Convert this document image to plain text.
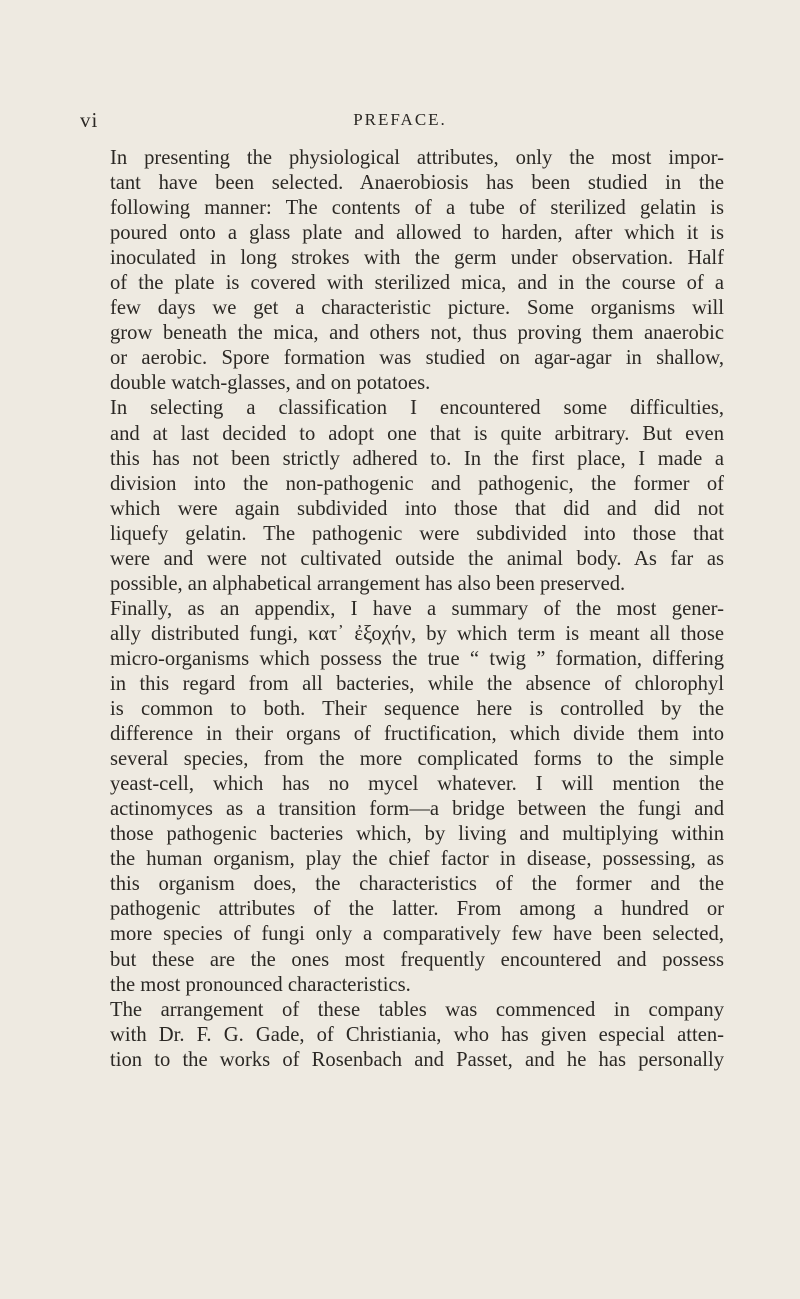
vi	PREFACE.

In presenting the physiological attributes, only the most impor-
tant have been selected. Anaerobiosis has been studied in the
following manner: The contents of a tube of sterilized gelatin is
poured onto a glass plate and allowed to harden, after which it is
inoculated in long strokes with the germ under observation. Half
of the plate is covered with sterilized mica, and in the course of a
few days we get a characteristic picture. Some organisms will
grow beneath the mica, and others not, thus proving them anaerobic
or aerobic. Spore formation was studied on agar-agar in shallow,
double watch-glasses, and on potatoes.

In selecting a classification I encountered some difficulties,
and at last decided to adopt one that is quite arbitrary. But even
this has not been strictly adhered to. In the first place, I made a
division into the non-pathogenic and pathogenic, the former of
which were again subdivided into those that did and did not
liquefy gelatin. The pathogenic were subdivided into those that
were and were not cultivated outside the animal body. As far as
possible, an alphabetical arrangement has also been preserved.

Finally, as an appendix, I have a summary of the most gener-
ally distributed fungi, κατ᾽ ἐξοχήν, by which term is meant all those
micro-organisms which possess the true “ twig ” formation, differing
in this regard from all bacteries, while the absence of chlorophyl
is common to both. Their sequence here is controlled by the
difference in their organs of fructification, which divide them into
several species, from the more complicated forms to the simple
yeast-cell, which has no mycel whatever. I will mention the
actinomyces as a transition form—a bridge between the fungi and
those pathogenic bacteries which, by living and multiplying within
the human organism, play the chief factor in disease, possessing, as
this organism does, the characteristics of the former and the
pathogenic attributes of the latter. From among a hundred or
more species of fungi only a comparatively few have been selected,
but these are the ones most frequently encountered and possess
the most pronounced characteristics.

The arrangement of these tables was commenced in company
with Dr. F. G. Gade, of Christiania, who has given especial atten-
tion to the works of Rosenbach and Passet, and he has personally
